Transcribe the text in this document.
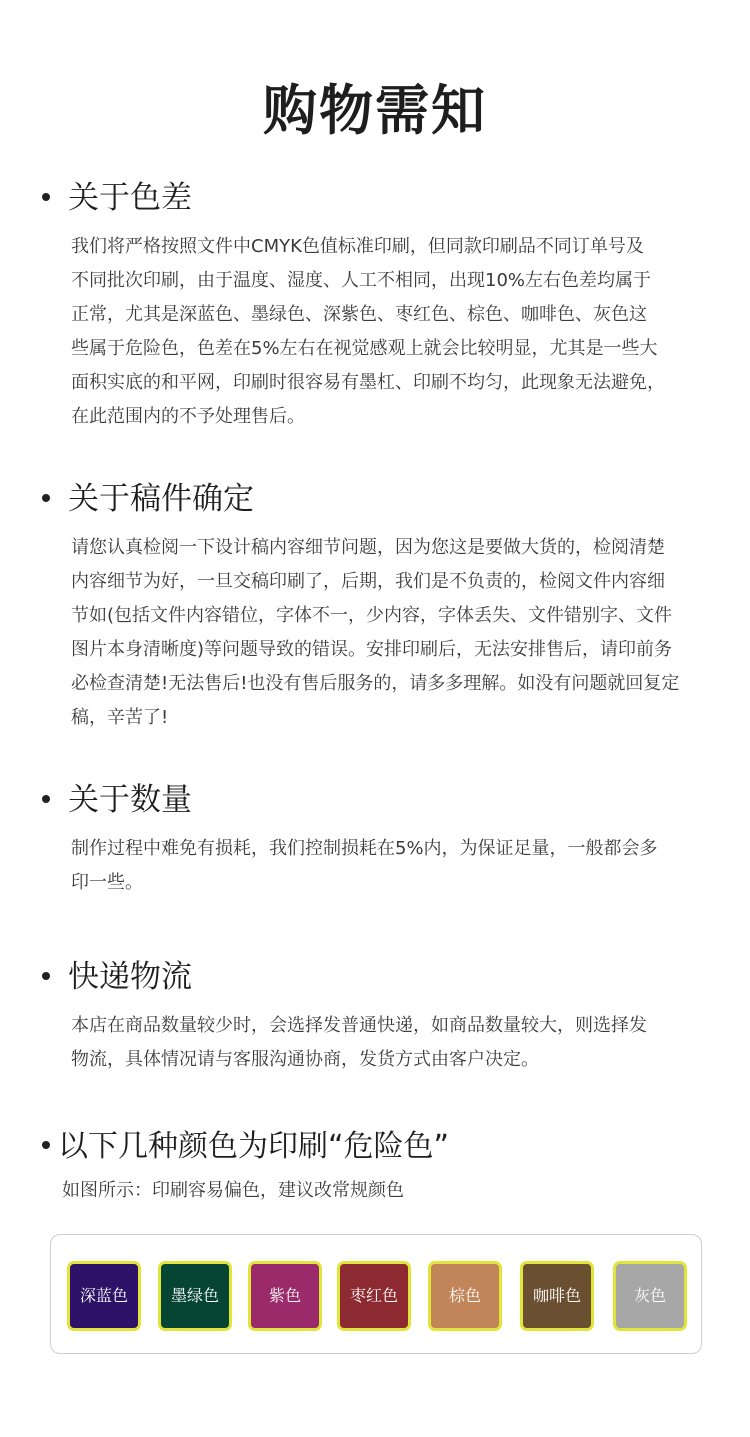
购物需知
关于色差
我们将严格按照文件中CMYK色值标准印刷，但同款印刷品不同订单号及
不同批次印刷，由于温度、湿度、人工不相同，出现10%左右色差均属于
正常，尤其是深蓝色、墨绿色、深紫色、枣红色、棕色、咖啡色、灰色这
些属于危险色，色差在5%左右在视觉感观上就会比较明显，尤其是一些大
面积实底的和平网，印刷时很容易有墨杠、印刷不均匀，此现象无法避免，
在此范围内的不予处理售后。
关于稿件确定
请您认真检阅一下设计稿内容细节问题，因为您这是要做大货的，检阅清楚
内容细节为好，一旦交稿印刷了，后期，我们是不负责的，检阅文件内容细
节如(包括文件内容错位，字体不一，少内容，字体丢失、文件错别字、文件
图片本身清晰度)等问题导致的错误。安排印刷后，无法安排售后，请印前务
必检查清楚!无法售后!也没有售后服务的，请多多理解。如没有问题就回复定
稿，辛苦了!
关于数量
制作过程中难免有损耗，我们控制损耗在5%内，为保证足量，一般都会多
印一些。
快递物流
本店在商品数量较少时，会选择发普通快递，如商品数量较大，则选择发
物流，具体情况请与客服沟通协商，发货方式由客户决定。
以下几种颜色为印刷“危险色”
如图所示：印刷容易偏色，建议改常规颜色
深蓝色	墨绿色	紫色	枣红色	棕色	咖啡色	灰色
